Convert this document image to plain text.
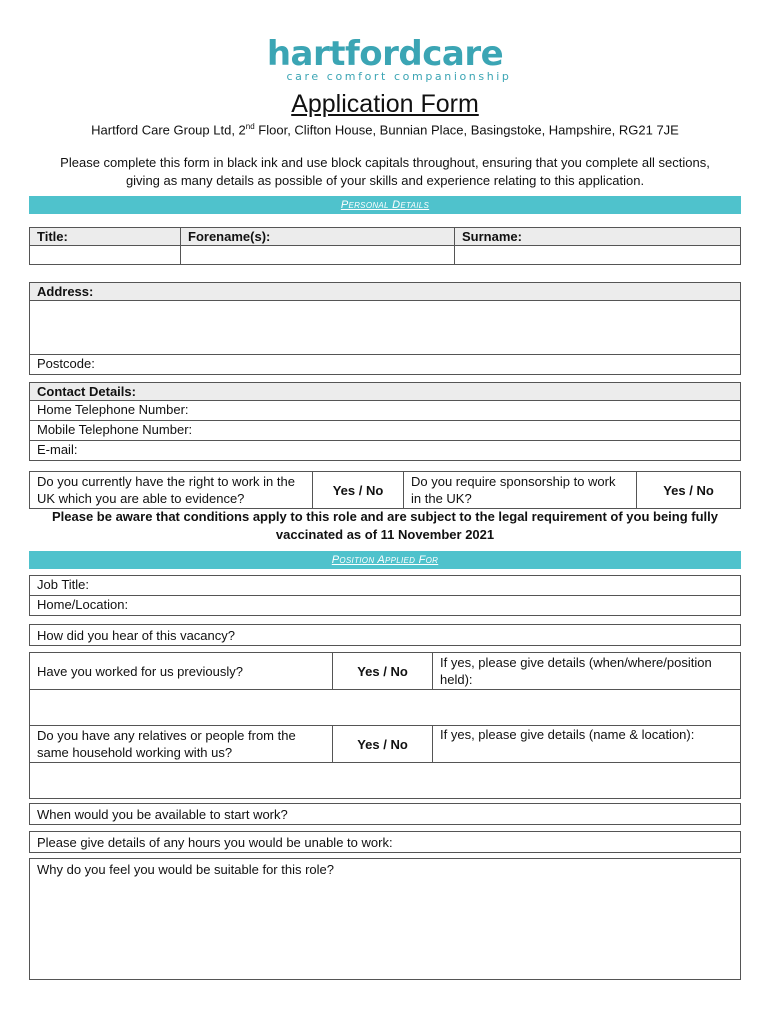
hartfordcare
care comfort companionship
Application Form
Hartford Care Group Ltd, 2nd Floor, Clifton House, Bunnian Place, Basingstoke, Hampshire, RG21 7JE
Please complete this form in black ink and use block capitals throughout, ensuring that you complete all sections, giving as many details as possible of your skills and experience relating to this application.
Personal Details
Title:	Forename(s):	Surname:

Address:

Postcode:
Contact Details:
Home Telephone Number:
Mobile Telephone Number:
E-mail:
Do you currently have the right to work in the UK which you are able to evidence?	Yes / No	Do you require sponsorship to work in the UK?	Yes / No
Please be aware that conditions apply to this role and are subject to the legal requirement of you being fully vaccinated as of 11 November 2021
Position Applied For
Job Title:
Home/Location:
How did you hear of this vacancy?
Have you worked for us previously?	Yes / No	If yes, please give details (when/where/position held):

Do you have any relatives or people from the same household working with us?	Yes / No	If yes, please give details (name & location):

When would you be available to start work?
Please give details of any hours you would be unable to work:
Why do you feel you would be suitable for this role?
